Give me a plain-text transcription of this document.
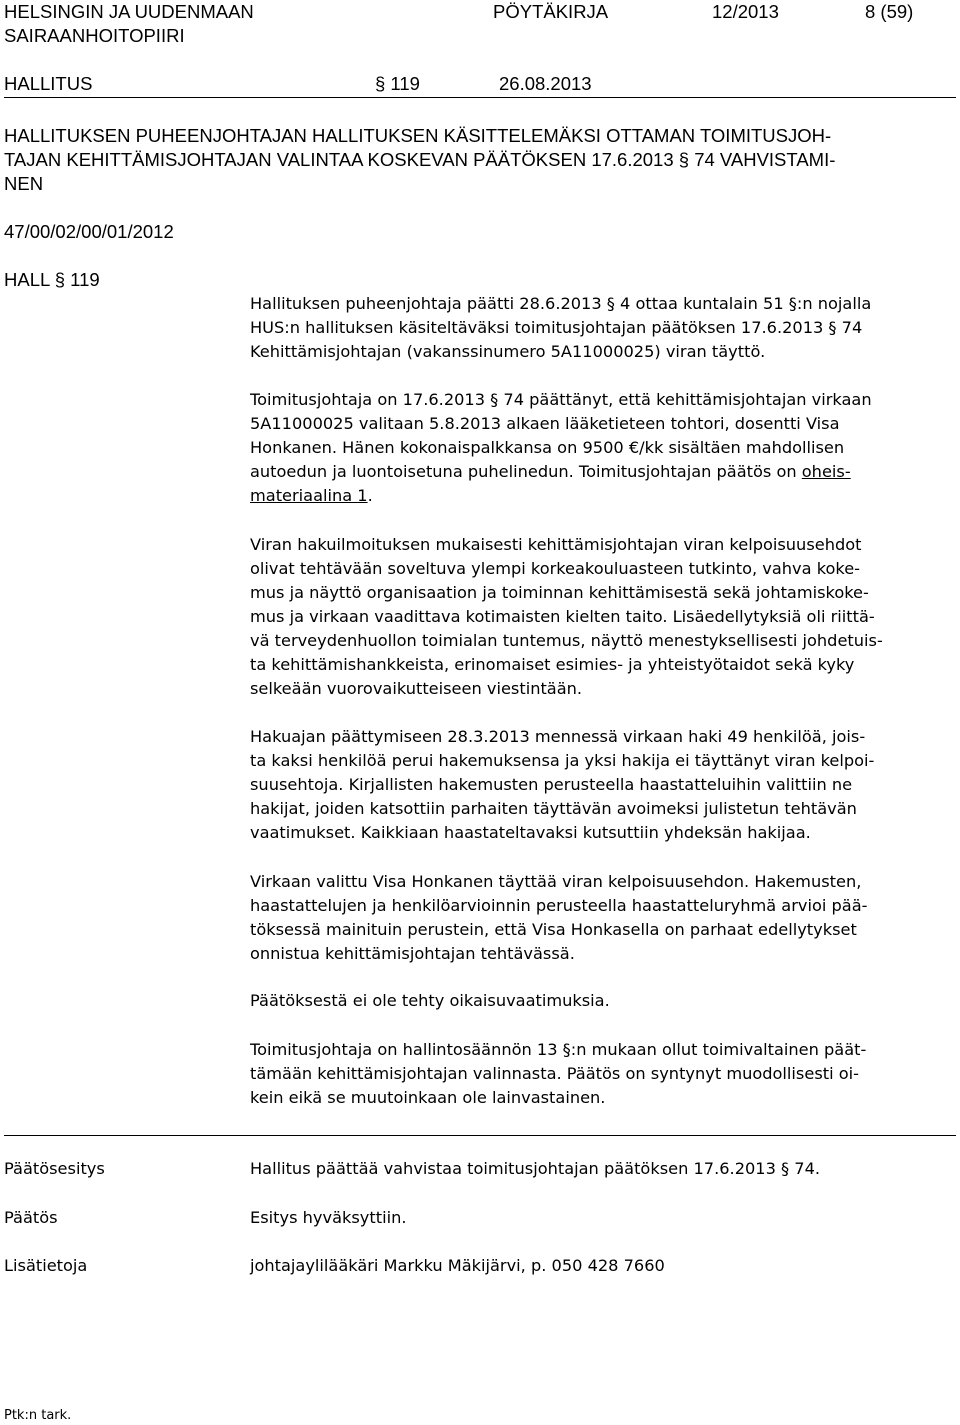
HELSINGIN JA UUDENMAAN
SAIRAANHOITOPIIRI
PÖYTÄKIRJA	12/2013	8 (59)
HALLITUS	§ 119	26.08.2013
HALLITUKSEN PUHEENJOHTAJAN HALLITUKSEN KÄSITTELEMÄKSI OTTAMAN TOIMITUSJOH-
TAJAN KEHITTÄMISJOHTAJAN VALINTAA KOSKEVAN PÄÄTÖKSEN 17.6.2013 § 74 VAHVISTAMI-
NEN
47/00/02/00/01/2012
HALL § 119
Hallituksen puheenjohtaja päätti 28.6.2013 § 4 ottaa kuntalain 51 §:n nojalla
HUS:n hallituksen käsiteltäväksi toimitusjohtajan päätöksen 17.6.2013 § 74
Kehittämisjohtajan (vakanssinumero 5A11000025) viran täyttö.
Toimitusjohtaja on 17.6.2013 § 74 päättänyt, että kehittämisjohtajan virkaan
5A11000025 valitaan 5.8.2013 alkaen lääketieteen tohtori, dosentti Visa
Honkanen. Hänen kokonaispalkkansa on 9500 €/kk sisältäen mahdollisen
autoedun ja luontoisetuna puhelinedun. Toimitusjohtajan päätös on oheis-
materiaalina 1.
Viran hakuilmoituksen mukaisesti kehittämisjohtajan viran kelpoisuusehdot
olivat tehtävään soveltuva ylempi korkeakouluasteen tutkinto, vahva koke-
mus ja näyttö organisaation ja toiminnan kehittämisestä sekä johtamiskoke-
mus ja virkaan vaadittava kotimaisten kielten taito. Lisäedellytyksiä oli riittä-
vä terveydenhuollon toimialan tuntemus, näyttö menestyksellisesti johdetuis-
ta kehittämishankkeista, erinomaiset esimies- ja yhteistyötaidot sekä kyky
selkeään vuorovaikutteiseen viestintään.
Hakuajan päättymiseen 28.3.2013 mennessä virkaan haki 49 henkilöä, jois-
ta kaksi henkilöä perui hakemuksensa ja yksi hakija ei täyttänyt viran kelpoi-
suusehtoja. Kirjallisten hakemusten perusteella haastatteluihin valittiin ne
hakijat, joiden katsottiin parhaiten täyttävän avoimeksi julistetun tehtävän
vaatimukset. Kaikkiaan haastateltavaksi kutsuttiin yhdeksän hakijaa.
Virkaan valittu Visa Honkanen täyttää viran kelpoisuusehdon. Hakemusten,
haastattelujen ja henkilöarvioinnin perusteella haastatteluryhmä arvioi pää-
töksessä mainituin perustein, että Visa Honkasella on parhaat edellytykset
onnistua kehittämisjohtajan tehtävässä.
Päätöksestä ei ole tehty oikaisuvaatimuksia.
Toimitusjohtaja on hallintosäännön 13 §:n mukaan ollut toimivaltainen päät-
tämään kehittämisjohtajan valinnasta. Päätös on syntynyt muodollisesti oi-
kein eikä se muutoinkaan ole lainvastainen.
Päätösesitys	Hallitus päättää vahvistaa toimitusjohtajan päätöksen 17.6.2013 § 74.
Päätös	Esitys hyväksyttiin.
Lisätietoja	johtajaylilääkäri Markku Mäkijärvi, p. 050 428 7660
Ptk:n tark.
